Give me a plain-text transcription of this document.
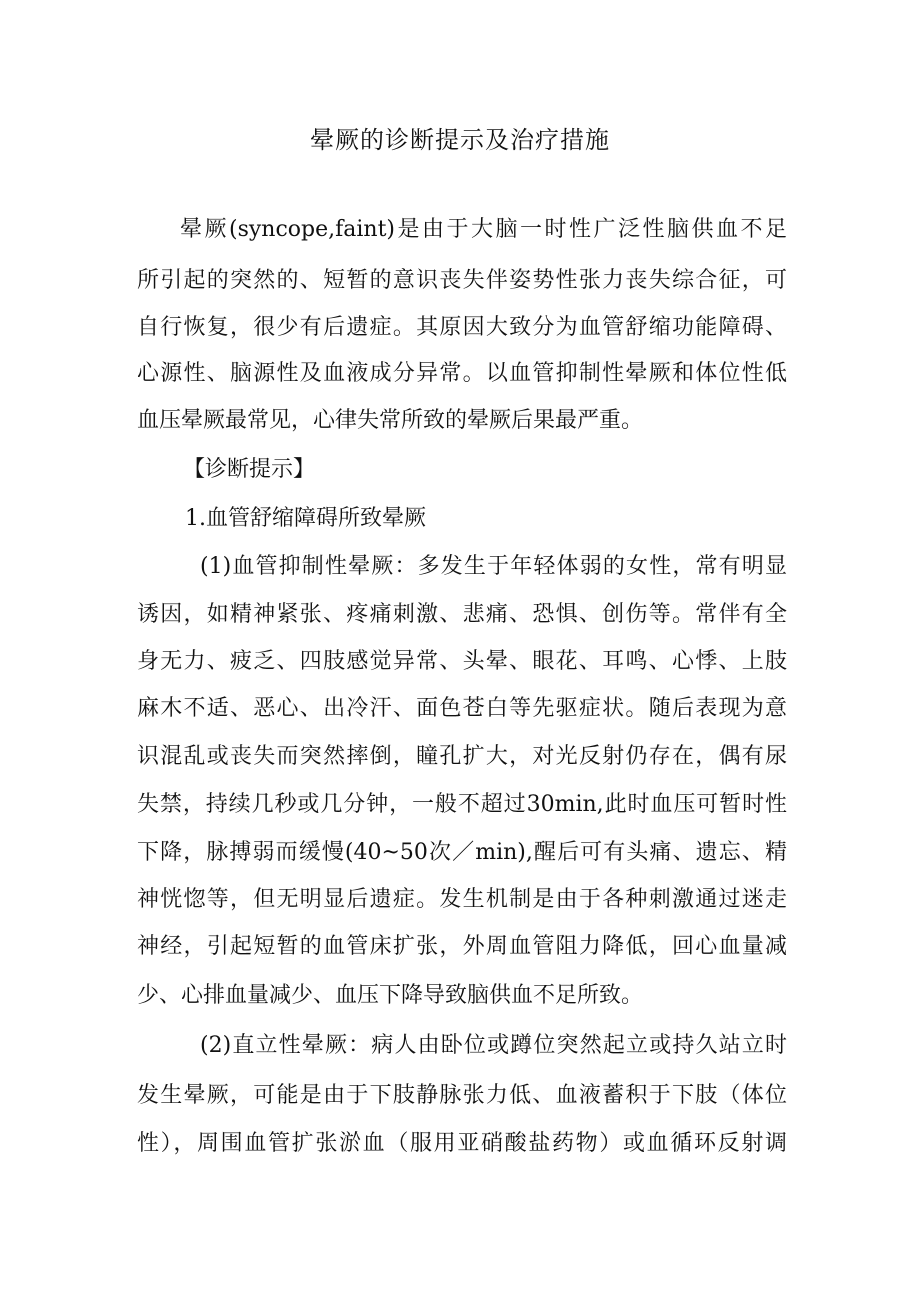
晕厥的诊断提示及治疗措施
晕厥(syncope,faint)是由于大脑一时性广泛性脑供血不足
所引起的突然的、短暂的意识丧失伴姿势性张力丧失综合征，可
自行恢复，很少有后遗症。其原因大致分为血管舒缩功能障碍、
心源性、脑源性及血液成分异常。以血管抑制性晕厥和体位性低
血压晕厥最常见，心律失常所致的晕厥后果最严重。
【诊断提示】
1.血管舒缩障碍所致晕厥
(1)血管抑制性晕厥：多发生于年轻体弱的女性，常有明显
诱因，如精神紧张、疼痛刺激、悲痛、恐惧、创伤等。常伴有全
身无力、疲乏、四肢感觉异常、头晕、眼花、耳鸣、心悸、上肢
麻木不适、恶心、出冷汗、面色苍白等先驱症状。随后表现为意
识混乱或丧失而突然摔倒，瞳孔扩大，对光反射仍存在，偶有尿
失禁，持续几秒或几分钟，一般不超过30min,此时血压可暂时性
下降，脉搏弱而缓慢(40~50次／min),醒后可有头痛、遗忘、精
神恍惚等，但无明显后遗症。发生机制是由于各种刺激通过迷走
神经，引起短暂的血管床扩张，外周血管阻力降低，回心血量减
少、心排血量减少、血压下降导致脑供血不足所致。
(2)直立性晕厥：病人由卧位或蹲位突然起立或持久站立时
发生晕厥，可能是由于下肢静脉张力低、血液蓄积于下肢（体位
性），周围血管扩张淤血（服用亚硝酸盐药物）或血循环反射调
